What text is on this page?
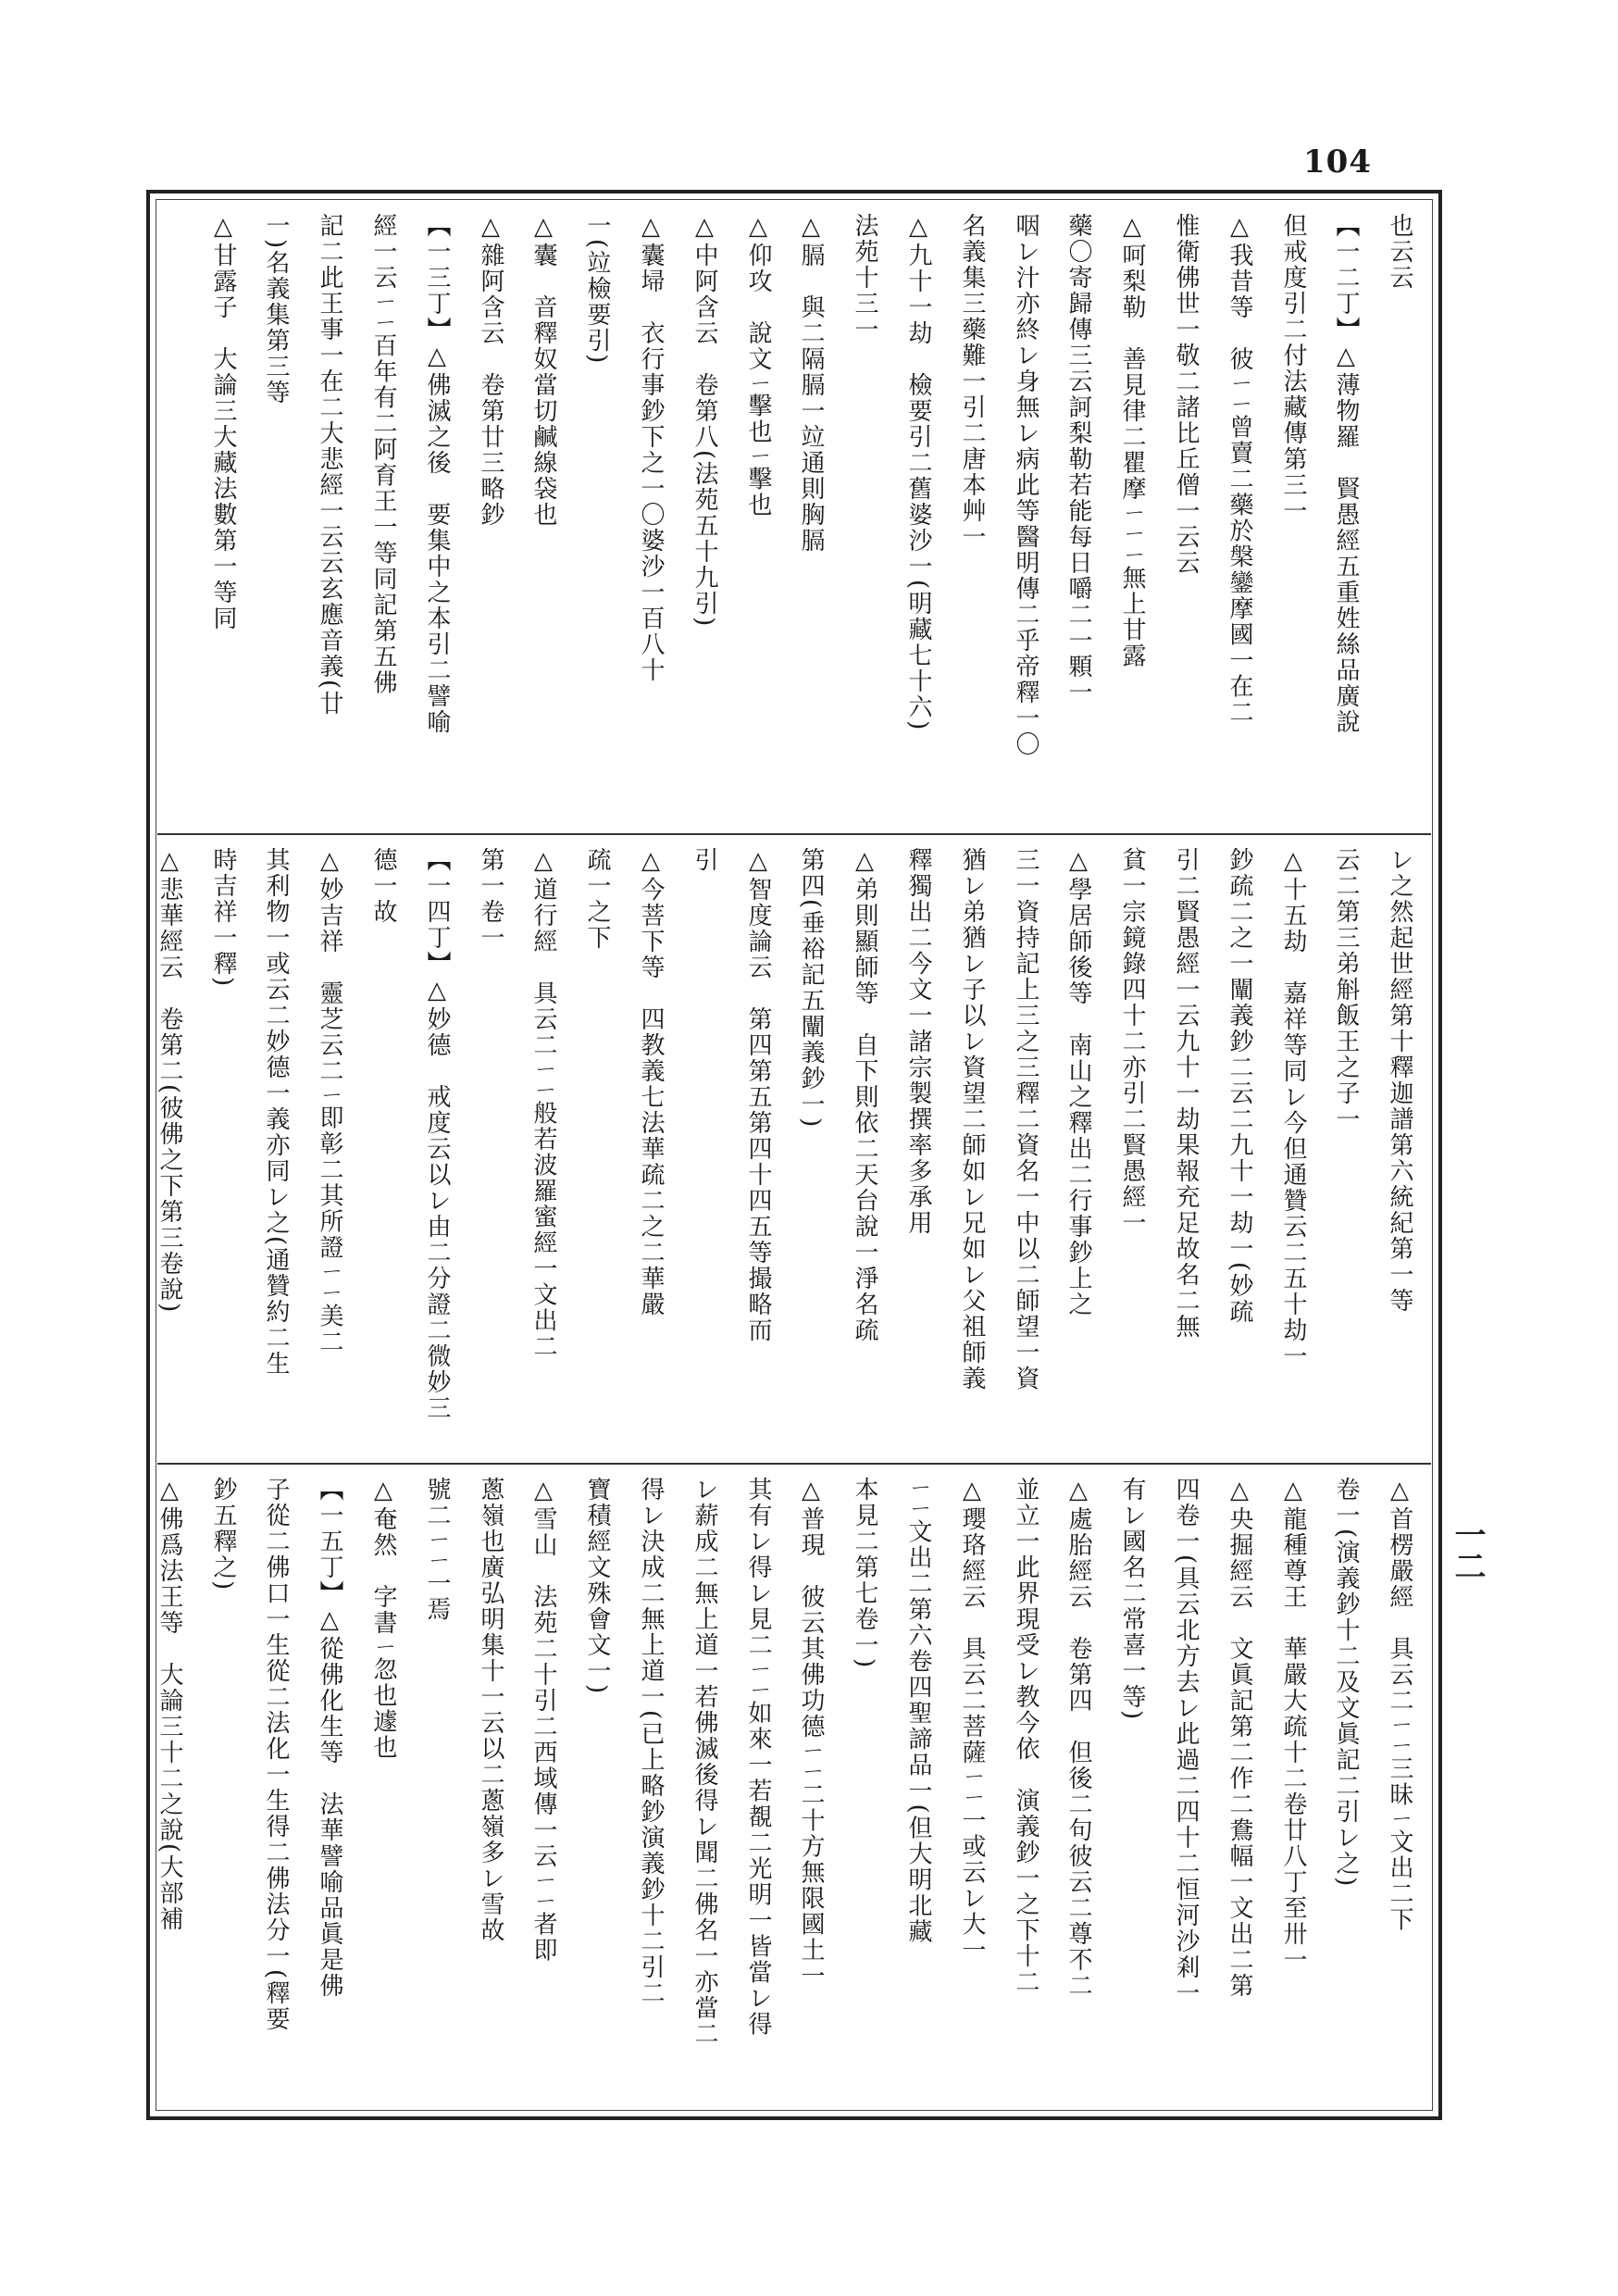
104
一二
也云云
【一二丁】△薄物羅　賢愚經五重姓絲品廣說
但戒度引二付法藏傳第三一
△我昔等　彼ㄧㄧ曾賣二藥於槃鑾摩國一在二
惟衛佛世一敬二諸比丘僧一云云
△呵梨勒　善見律二瞿摩ㄧㄧㄧ無上甘露
藥〇寄歸傳三云訶梨勒若能每日嚼二一顆一
咽レ汁亦終レ身無レ病此等醫明傳二乎帝釋一〇
名義集三藥難一引二唐本艸一
△九十一劫　檢要引二舊婆沙一(明藏七十六)
法苑十三一
△膈　與二隔膈一竝通則胸膈
△仰攻　說文ㄧ擊也ㄧ擊也
△中阿含云　卷第八(法苑五十九引)
△囊埽　衣行事鈔下之一〇婆沙一百八十
一(竝檢要引)
△囊　音釋奴當切鹹線袋也
△雜阿含云　卷第廿三略鈔
【一三丁】△佛滅之後　要集中之本引二譬喻
經一云ㄧㄧ百年有二阿育王一等同記第五佛
記二此王事一在二大悲經一云云玄應音義(廿
一)名義集第三等
△甘露子　大論三大藏法數第一等同
レ之然起世經第十釋迦譜第六統紀第一等
云二第三弟斛飯王之子一
△十五劫　嘉祥等同レ今但通贊云二五十劫一
鈔疏二之一闡義鈔二云二九十一劫一(妙疏
引二賢愚經一云九十一劫果報充足故名二無
貧一宗鏡錄四十二亦引二賢愚經一
△學居師後等　南山之釋出二行事鈔上之
三一資持記上三之三釋二資名一中以二師望一資
猶レ弟猶レ子以レ資望二師如レ兄如レ父祖師義
釋獨出二今文一諸宗製撰率多承用
△弟則顯師等　自下則依二天台說一淨名疏
第四(垂裕記五闡義鈔一)
△智度論云　第四第五第四十四五等撮略而
引
△今菩下等　四教義七法華疏二之二華嚴
疏一之下
△道行經　具云二ㄧㄧ般若波羅蜜經一文出二
第一卷一
【一四丁】△妙德　戒度云以レ由二分證二微妙三
德一故
△妙吉祥　靈芝云二ㄧ即彰二其所證ㄧㄧ美二
其利物一或云二妙德一義亦同レ之(通贊約二生
時吉祥一釋)
△悲華經云　卷第二(彼佛之下第三卷說)
△首楞嚴經　具云二ㄧㄧ三昧ㄧ文出二下
卷一(演義鈔十二及文眞記二引レ之)
△龍種尊王　華嚴大疏十二卷廿八丁至卅一
△央掘經云　文眞記第二作二鴦幅一文出二第
四卷一(具云北方去レ此過二四十二恒河沙剎一
有レ國名二常喜一等)
△處胎經云　卷第四　但後二句彼云二尊不二
並立一此界現受レ教今依　演義鈔一之下十二
△瓔珞經云　具云二菩薩ㄧㄧ一或云レ大一
ㄧㄧ文出二第六卷四聖諦品一(但大明北藏
本見二第七卷一)
△普現　彼云其佛功德ㄧㄧ二十方無限國土一
其有レ得レ見二ㄧㄧ如來一若覩二光明一皆當レ得
レ薪成二無上道一若佛滅後得レ聞二佛名一亦當二
得レ決成二無上道一(已上略鈔演義鈔十二引二
寶積經文殊會文一)
△雪山　法苑二十引二西域傳一云ㄧㄧ者即
蔥嶺也廣弘明集十一云以二蔥嶺多レ雪故
號二ㄧㄧ一焉
△奄然　字書ㄧ忽也遽也
【一五丁】△從佛化生等　法華譬喻品眞是佛
子從二佛口一生從二法化一生得二佛法分一(釋要
鈔五釋之)
△佛爲法王等　大論三十二之說(大部補
